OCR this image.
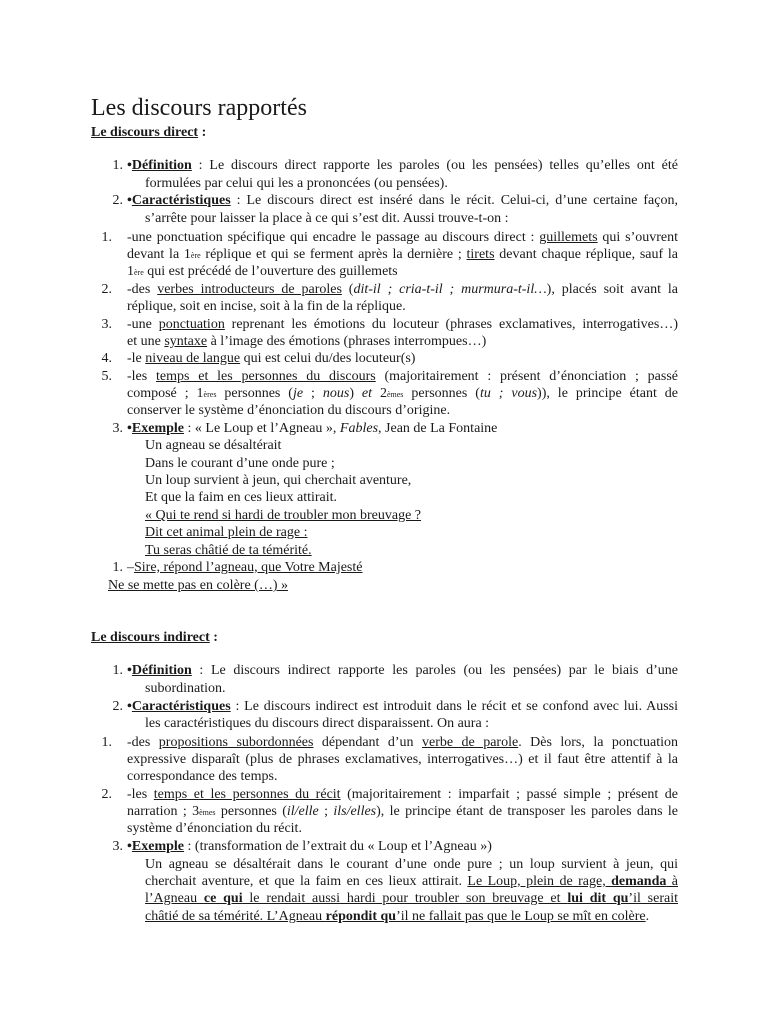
Les discours rapportés
Le discours direct :
1. •Définition : Le discours direct rapporte les paroles (ou les pensées) telles qu’elles ont été
formulées par celui qui les a prononcées (ou pensées).
2. •Caractéristiques : Le discours direct est inséré dans le récit. Celui-ci, d’une certaine façon,
s’arrête pour laisser la place à ce qui s’est dit. Aussi trouve-t-on :
1. -une ponctuation spécifique qui encadre le passage au discours direct : guillemets qui s’ouvrent
devant la 1ère réplique et qui se ferment après la dernière ; tirets devant chaque réplique, sauf la
1ère qui est précédé de l’ouverture des guillemets
2. -des verbes introducteurs de paroles (dit-il ; cria-t-il ; murmura-t-il…), placés soit avant la
réplique, soit en incise, soit à la fin de la réplique.
3. -une ponctuation reprenant les émotions du locuteur (phrases exclamatives, interrogatives…)
et une syntaxe à l’image des émotions (phrases interrompues…)
4. -le niveau de langue qui est celui du/des locuteur(s)
5. -les temps et les personnes du discours (majoritairement : présent d’énonciation ; passé
composé ; 1ères personnes (je ; nous) et 2èmes personnes (tu ; vous)), le principe étant de
conserver le système d’énonciation du discours d’origine.
3. •Exemple : « Le Loup et l’Agneau », Fables, Jean de La Fontaine
Un agneau se désaltérait
Dans le courant d’une onde pure ;
Un loup survient à jeun, qui cherchait aventure,
Et que la faim en ces lieux attirait.
« Qui te rend si hardi de troubler mon breuvage ?
Dit cet animal plein de rage :
Tu seras châtié de ta témérité.
1. –Sire, répond l’agneau, que Votre Majesté
Ne se mette pas en colère (…) »
Le discours indirect :
1. •Définition : Le discours indirect rapporte les paroles (ou les pensées) par le biais d’une
subordination.
2. •Caractéristiques : Le discours indirect est introduit dans le récit et se confond avec lui. Aussi
les caractéristiques du discours direct disparaissent. On aura :
1. -des propositions subordonnées dépendant d’un verbe de parole. Dès lors, la ponctuation
expressive disparaît (plus de phrases exclamatives, interrogatives…) et il faut être attentif à la
correspondance des temps.
2. -les temps et les personnes du récit (majoritairement : imparfait ; passé simple ; présent de
narration ; 3èmes personnes (il/elle ; ils/elles), le principe étant de transposer les paroles dans le
système d’énonciation du récit.
3. •Exemple : (transformation de l’extrait du « Loup et l’Agneau »)
Un agneau se désaltérait dans le courant d’une onde pure ; un loup survient à jeun, qui
cherchait aventure, et que la faim en ces lieux attirait. Le Loup, plein de rage, demanda à
l’Agneau ce qui le rendait aussi hardi pour troubler son breuvage et lui dit qu’il serait
châtié de sa témérité. L’Agneau répondit qu’il ne fallait pas que le Loup se mît en colère.
